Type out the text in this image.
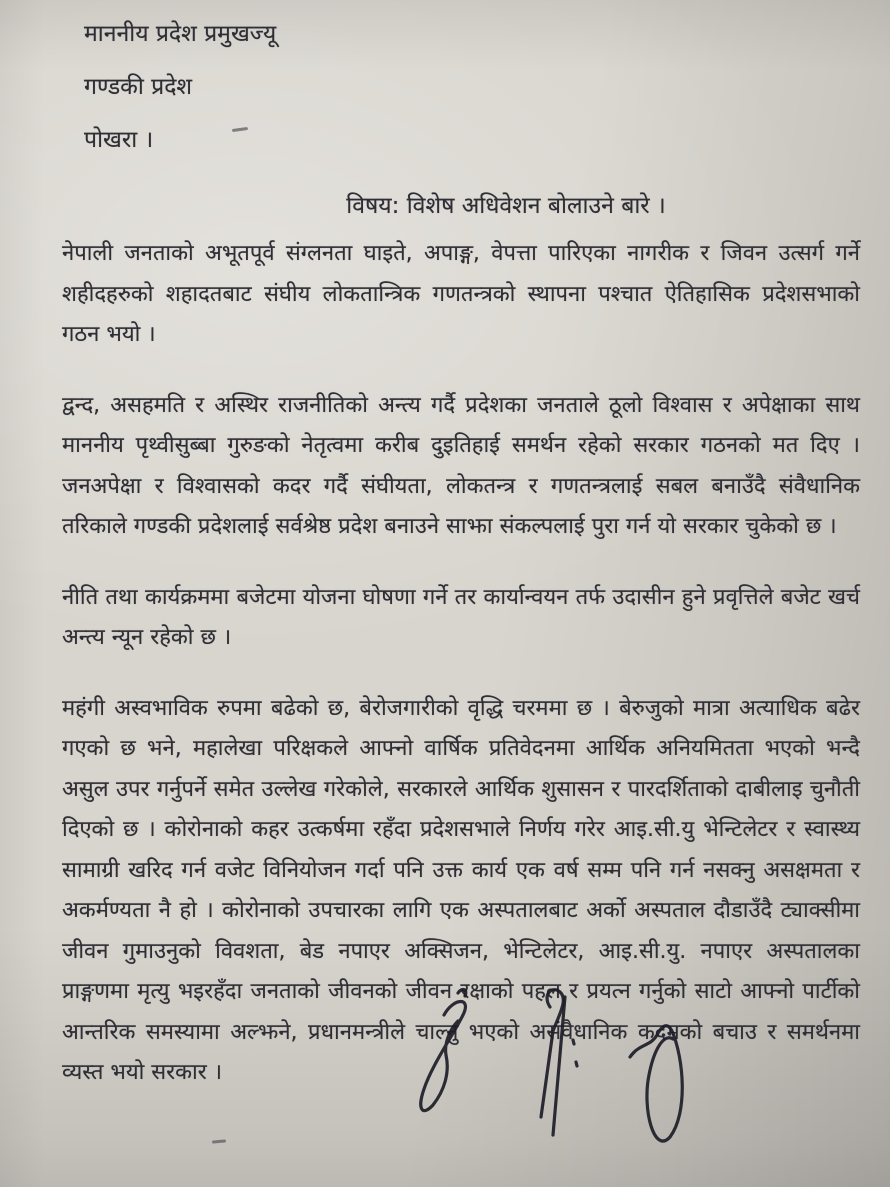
माननीय प्रदेश प्रमुखज्यू
गण्डकी प्रदेश
पोखरा ।
विषय: विशेष अधिवेशन बोलाउने बारे ।

नेपाली जनताको अभूतपूर्व संग्लनता घाइते, अपाङ्ग, वेपत्ता पारिएका नागरीक र जिवन उत्सर्ग गर्ने शहीदहरुको शहादतबाट संघीय लोकतान्त्रिक गणतन्त्रको स्थापना पश्चात ऐतिहासिक प्रदेशसभाको गठन भयो ।

द्वन्द, असहमति र अस्थिर राजनीतिको अन्त्य गर्दै प्रदेशका जनताले ठूलो विश्वास र अपेक्षाका साथ माननीय पृथ्वीसुब्बा गुरुङको नेतृत्वमा करीब दुइतिहाई समर्थन रहेको सरकार गठनको मत दिए । जनअपेक्षा र विश्वासको कदर गर्दै संघीयता, लोकतन्त्र र गणतन्त्रलाई सबल बनाउँदै संवैधानिक तरिकाले गण्डकी प्रदेशलाई सर्वश्रेष्ठ प्रदेश बनाउने साझा संकल्पलाई पुरा गर्न यो सरकार चुकेको छ ।

नीति तथा कार्यक्रममा बजेटमा योजना घोषणा गर्ने तर कार्यान्वयन तर्फ उदासीन हुने प्रवृत्तिले बजेट खर्च अन्त्य न्यून रहेको छ ।

महंगी अस्वभाविक रुपमा बढेको छ, बेरोजगारीको वृद्धि चरममा छ । बेरुजुको मात्रा अत्याधिक बढेर गएको छ भने, महालेखा परिक्षकले आफ्नो वार्षिक प्रतिवेदनमा आर्थिक अनियमितता भएको भन्दै असुल उपर गर्नुपर्ने समेत उल्लेख गरेकोले, सरकारले आर्थिक शुसासन र पारदर्शिताको दाबीलाइ चुनौती दिएको छ । कोरोनाको कहर उत्कर्षमा रहँदा प्रदेशसभाले निर्णय गरेर आइ.सी.यु भेन्टिलेटर र स्वास्थ्य सामाग्री खरिद गर्न वजेट विनियोजन गर्दा पनि उक्त कार्य एक वर्ष सम्म पनि गर्न नसक्नु असक्षमता र अकर्मण्यता नै हो । कोरोनाको उपचारका लागि एक अस्पतालबाट अर्को अस्पताल दौडाउँदै ट्याक्सीमा जीवन गुमाउनुको विवशता, बेड नपाएर अक्सिजन, भेन्टिलेटर, आइ.सी.यु. नपाएर अस्पतालका प्राङ्गणमा मृत्यु भइरहँदा जनताको जीवनको जीवन रक्षाको पहल र प्रयत्न गर्नुको साटो आफ्नो पार्टीको आन्तरिक समस्यामा अल्झने, प्रधानमन्त्रीले चाल्नु भएको असंवैधानिक कदमको बचाउ र समर्थनमा व्यस्त भयो सरकार ।
